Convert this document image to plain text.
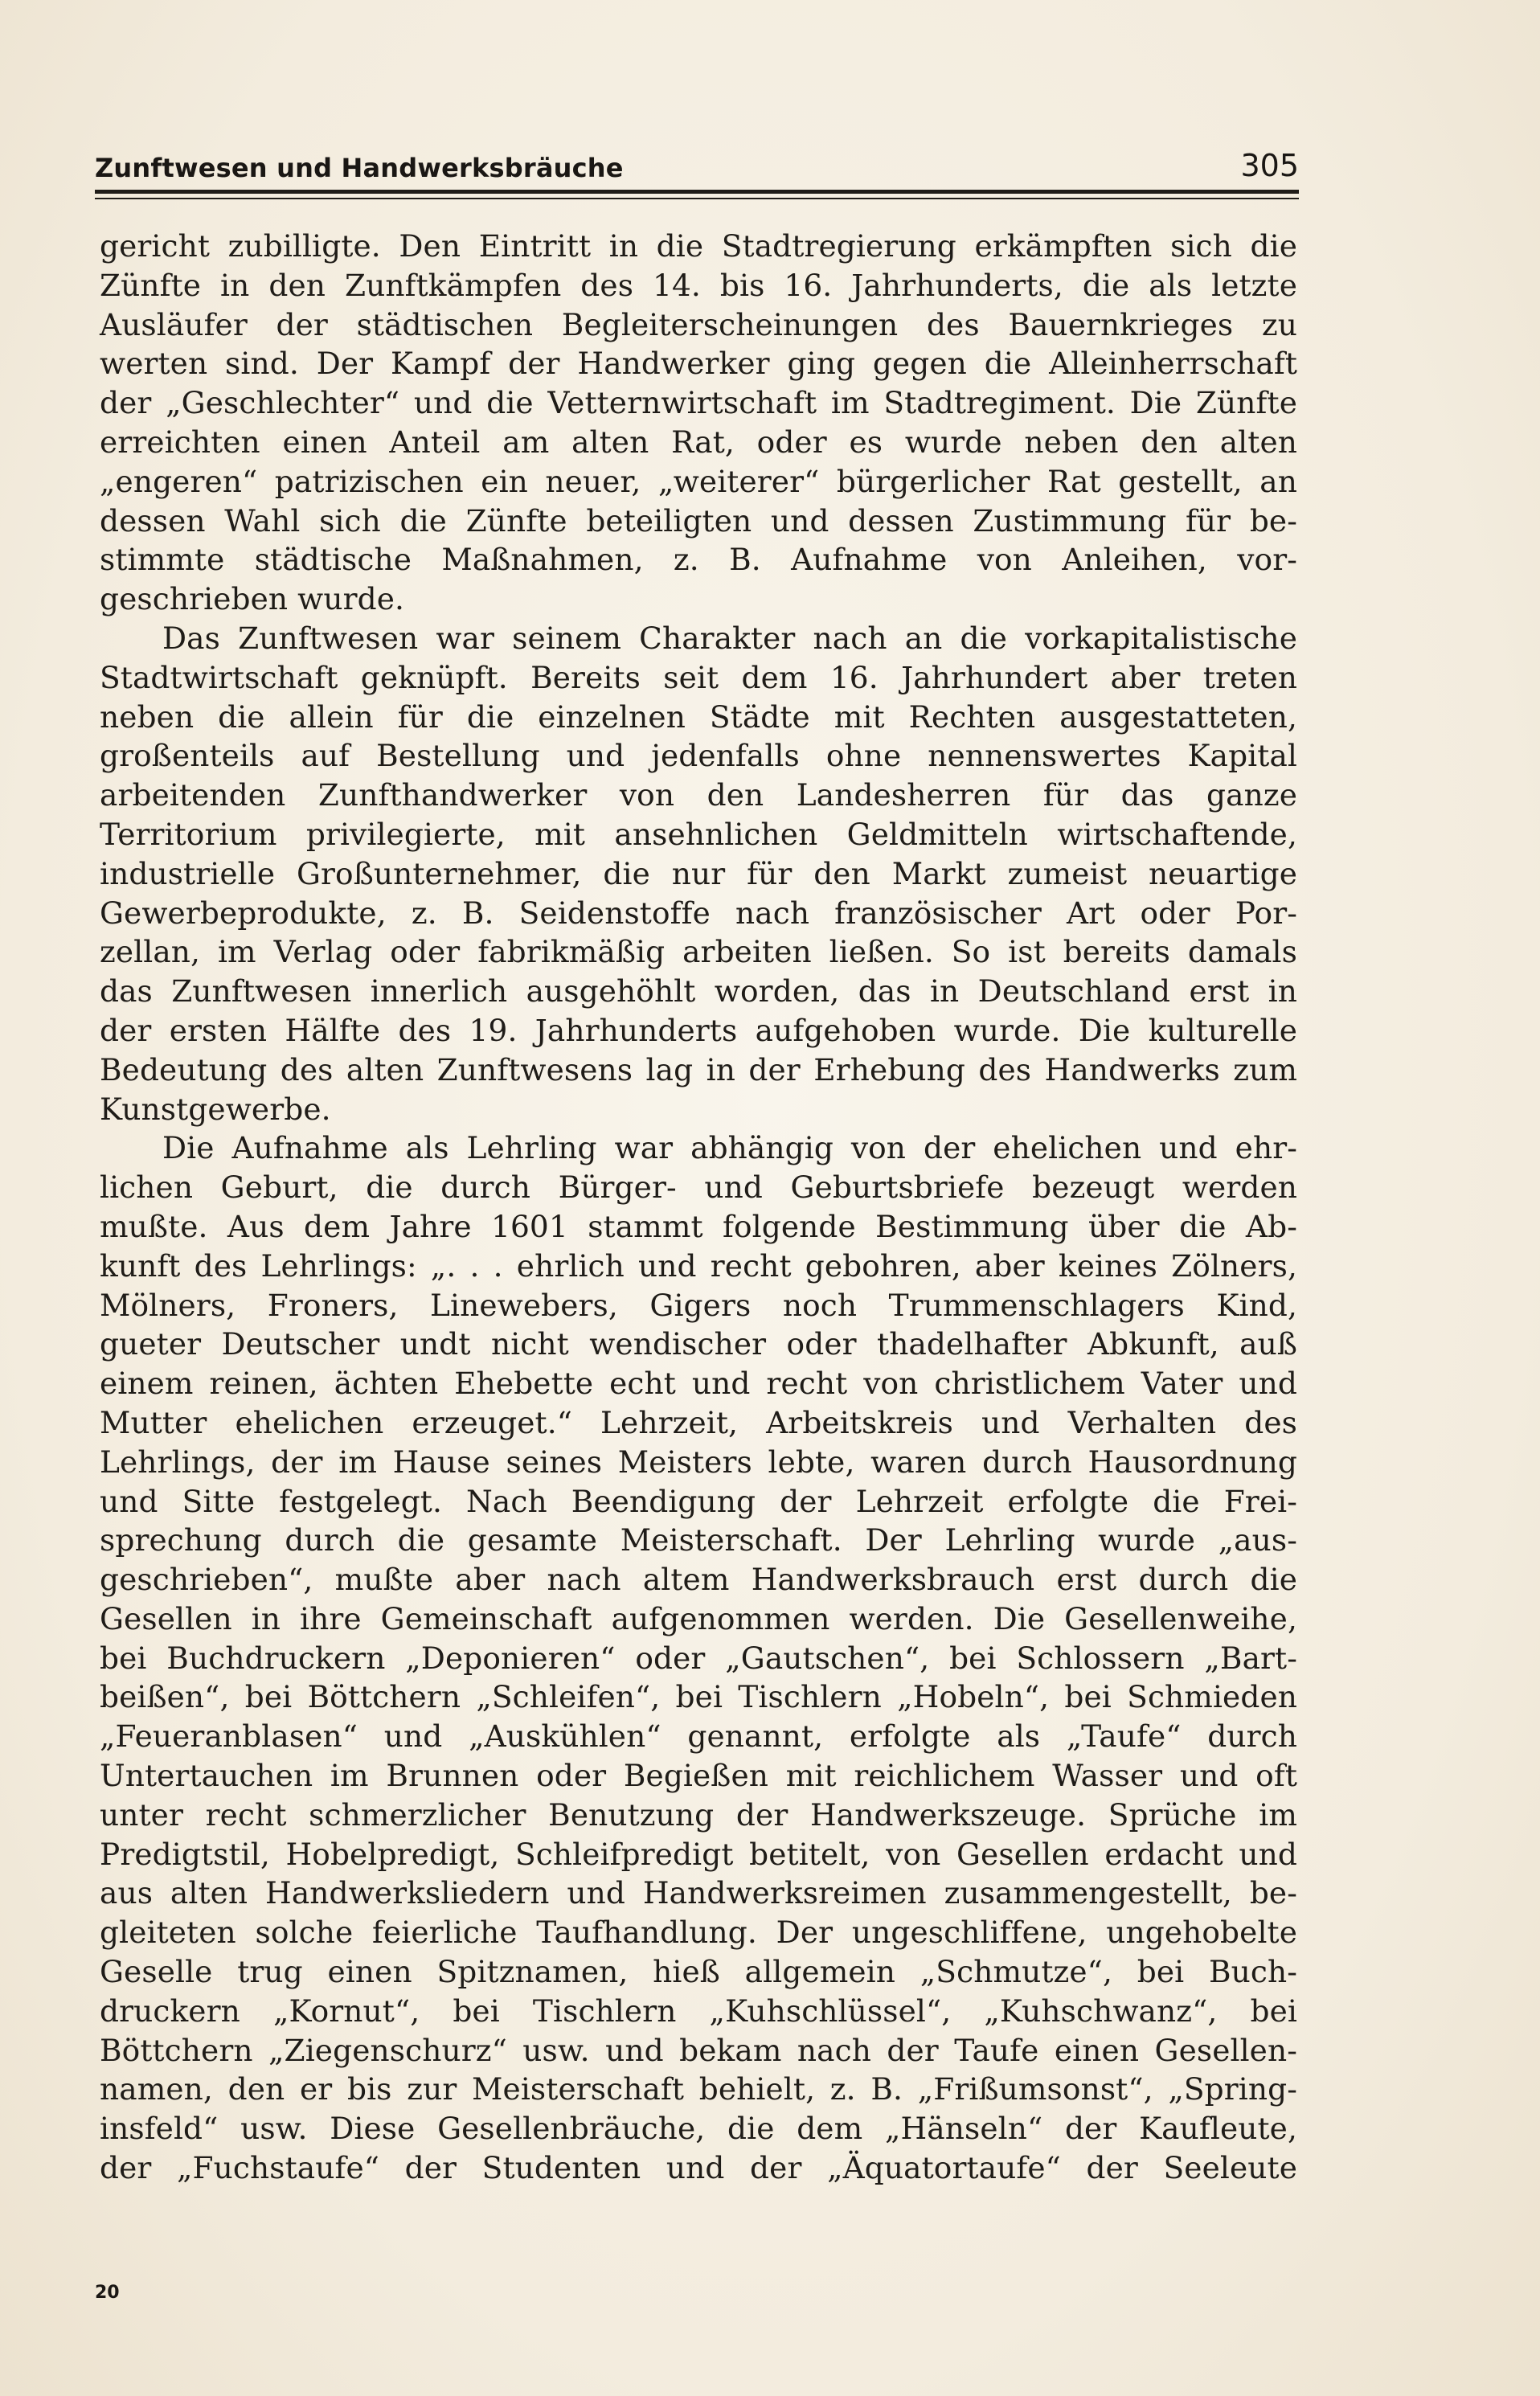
Zunftwesen und Handwerksbräuche	305
gericht zubilligte. Den Eintritt in die Stadtregierung erkämpften sich die
Zünfte in den Zunftkämpfen des 14. bis 16. Jahrhunderts, die als letzte
Ausläufer der städtischen Begleiterscheinungen des Bauernkrieges zu
werten sind. Der Kampf der Handwerker ging gegen die Alleinherrschaft
der „Geschlechter“ und die Vetternwirtschaft im Stadtregiment. Die Zünfte
erreichten einen Anteil am alten Rat, oder es wurde neben den alten
„engeren“ patrizischen ein neuer, „weiterer“ bürgerlicher Rat gestellt, an
dessen Wahl sich die Zünfte beteiligten und dessen Zustimmung für be-
stimmte städtische Maßnahmen, z. B. Aufnahme von Anleihen, vor-
geschrieben wurde.
Das Zunftwesen war seinem Charakter nach an die vorkapitalistische
Stadtwirtschaft geknüpft. Bereits seit dem 16. Jahrhundert aber treten
neben die allein für die einzelnen Städte mit Rechten ausgestatteten,
großenteils auf Bestellung und jedenfalls ohne nennenswertes Kapital
arbeitenden Zunfthandwerker von den Landesherren für das ganze
Territorium privilegierte, mit ansehnlichen Geldmitteln wirtschaftende,
industrielle Großunternehmer, die nur für den Markt zumeist neuartige
Gewerbeprodukte, z. B. Seidenstoffe nach französischer Art oder Por-
zellan, im Verlag oder fabrikmäßig arbeiten ließen. So ist bereits damals
das Zunftwesen innerlich ausgehöhlt worden, das in Deutschland erst in
der ersten Hälfte des 19. Jahrhunderts aufgehoben wurde. Die kulturelle
Bedeutung des alten Zunftwesens lag in der Erhebung des Handwerks zum
Kunstgewerbe.
Die Aufnahme als Lehrling war abhängig von der ehelichen und ehr-
lichen Geburt, die durch Bürger- und Geburtsbriefe bezeugt werden
mußte. Aus dem Jahre 1601 stammt folgende Bestimmung über die Ab-
kunft des Lehrlings: „. . . ehrlich und recht gebohren, aber keines Zölners,
Mölners, Froners, Linewebers, Gigers noch Trummenschlagers Kind,
gueter Deutscher undt nicht wendischer oder thadelhafter Abkunft, auß
einem reinen, ächten Ehebette echt und recht von christlichem Vater und
Mutter ehelichen erzeuget.“ Lehrzeit, Arbeitskreis und Verhalten des
Lehrlings, der im Hause seines Meisters lebte, waren durch Hausordnung
und Sitte festgelegt. Nach Beendigung der Lehrzeit erfolgte die Frei-
sprechung durch die gesamte Meisterschaft. Der Lehrling wurde „aus-
geschrieben“, mußte aber nach altem Handwerksbrauch erst durch die
Gesellen in ihre Gemeinschaft aufgenommen werden. Die Gesellenweihe,
bei Buchdruckern „Deponieren“ oder „Gautschen“, bei Schlossern „Bart-
beißen“, bei Böttchern „Schleifen“, bei Tischlern „Hobeln“, bei Schmieden
„Feueranblasen“ und „Auskühlen“ genannt, erfolgte als „Taufe“ durch
Untertauchen im Brunnen oder Begießen mit reichlichem Wasser und oft
unter recht schmerzlicher Benutzung der Handwerkszeuge. Sprüche im
Predigtstil, Hobelpredigt, Schleifpredigt betitelt, von Gesellen erdacht und
aus alten Handwerksliedern und Handwerksreimen zusammengestellt, be-
gleiteten solche feierliche Taufhandlung. Der ungeschliffene, ungehobelte
Geselle trug einen Spitznamen, hieß allgemein „Schmutze“, bei Buch-
druckern „Kornut“, bei Tischlern „Kuhschlüssel“, „Kuhschwanz“, bei
Böttchern „Ziegenschurz“ usw. und bekam nach der Taufe einen Gesellen-
namen, den er bis zur Meisterschaft behielt, z. B. „Frißumsonst“, „Spring-
insfeld“ usw. Diese Gesellenbräuche, die dem „Hänseln“ der Kaufleute,
der „Fuchstaufe“ der Studenten und der „Äquatortaufe“ der Seeleute
20
